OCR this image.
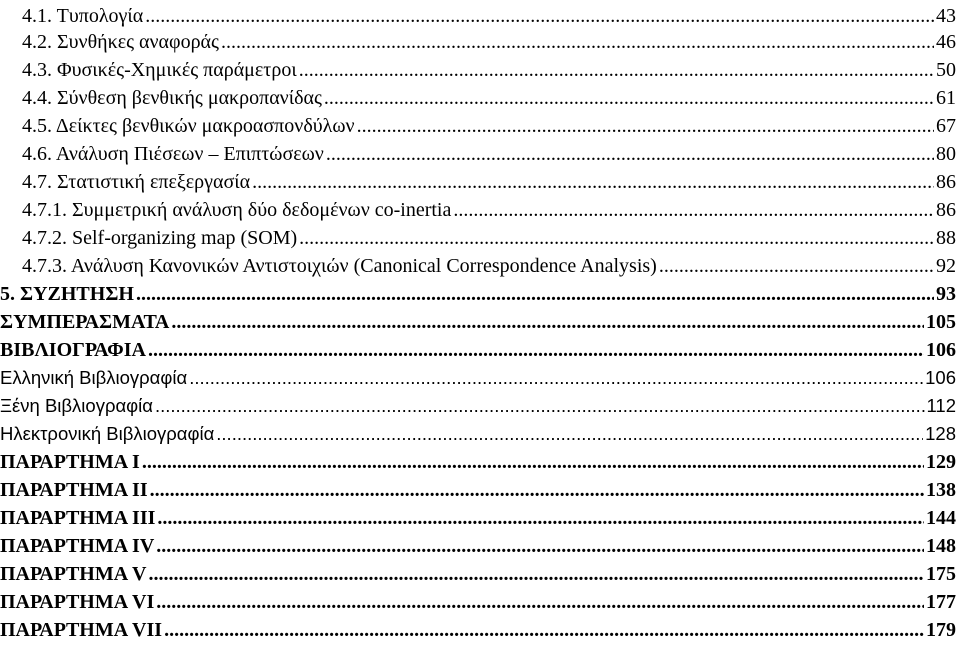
4.1. Τυπολογία .....	43
4.2. Συνθήκες αναφοράς .....	46
4.3. Φυσικές-Χημικές παράμετροι .....	50
4.4. Σύνθεση βενθικής μακροπανίδας .....	61
4.5. Δείκτες βενθικών μακροασπονδύλων .....	67
4.6. Ανάλυση Πιέσεων – Επιπτώσεων .....	80
4.7. Στατιστική επεξεργασία .....	86
4.7.1. Συμμετρική ανάλυση δύο δεδομένων co-inertia .....	86
4.7.2. Self-organizing map (SOM) .....	88
4.7.3. Ανάλυση Κανονικών Αντιστοιχιών (Canonical Correspondence Analysis) .....	92
5. ΣΥΖΗΤΗΣΗ .....	93
ΣΥΜΠΕΡΑΣΜΑΤΑ .....	105
ΒΙΒΛΙΟΓΡΑΦΙΑ .....	106
Ελληνική Βιβλιογραφία .....	106
Ξένη Βιβλιογραφία .....	112
Ηλεκτρονική Βιβλιογραφία .....	128
ΠΑΡΑΡΤΗΜΑ Ι .....	129
ΠΑΡΑΡΤΗΜΑ ΙΙ .....	138
ΠΑΡΑΡΤΗΜΑ ΙΙΙ .....	144
ΠΑΡΑΡΤΗΜΑ ΙV .....	148
ΠΑΡΑΡΤΗΜΑ V .....	175
ΠΑΡΑΡΤΗΜΑ VΙ .....	177
ΠΑΡΑΡΤΗΜΑ VΙΙ .....	179
